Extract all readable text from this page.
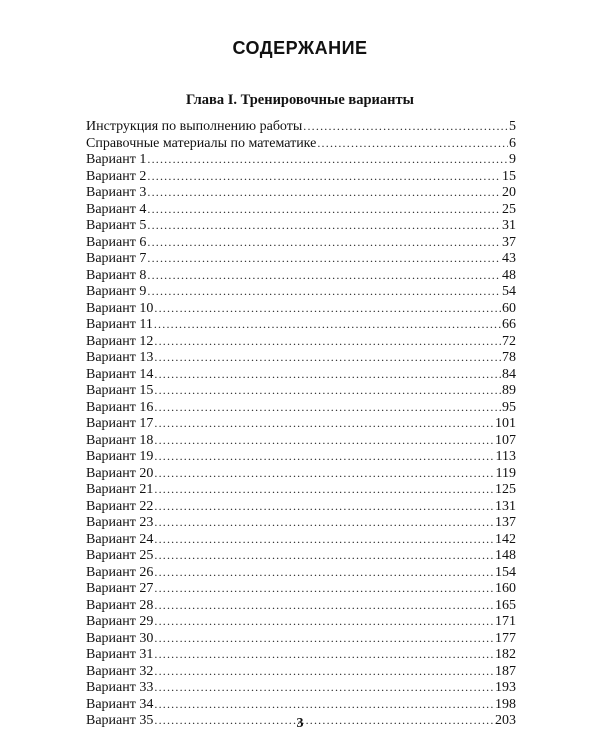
СОДЕРЖАНИЕ
Глава I. Тренировочные варианты
Инструкция по выполнению работы .....	5
Справочные материалы по математике .....	6
Вариант 1 .....	9
Вариант 2 .....	15
Вариант 3 .....	20
Вариант 4 .....	25
Вариант 5 .....	31
Вариант 6 .....	37
Вариант 7 .....	43
Вариант 8 .....	48
Вариант 9 .....	54
Вариант 10 .....	60
Вариант 11 .....	66
Вариант 12 .....	72
Вариант 13 .....	78
Вариант 14 .....	84
Вариант 15 .....	89
Вариант 16 .....	95
Вариант 17 .....	101
Вариант 18 .....	107
Вариант 19 .....	113
Вариант 20 .....	119
Вариант 21 .....	125
Вариант 22 .....	131
Вариант 23 .....	137
Вариант 24 .....	142
Вариант 25 .....	148
Вариант 26 .....	154
Вариант 27 .....	160
Вариант 28 .....	165
Вариант 29 .....	171
Вариант 30 .....	177
Вариант 31 .....	182
Вариант 32 .....	187
Вариант 33 .....	193
Вариант 34 .....	198
Вариант 35 .....	203
3
